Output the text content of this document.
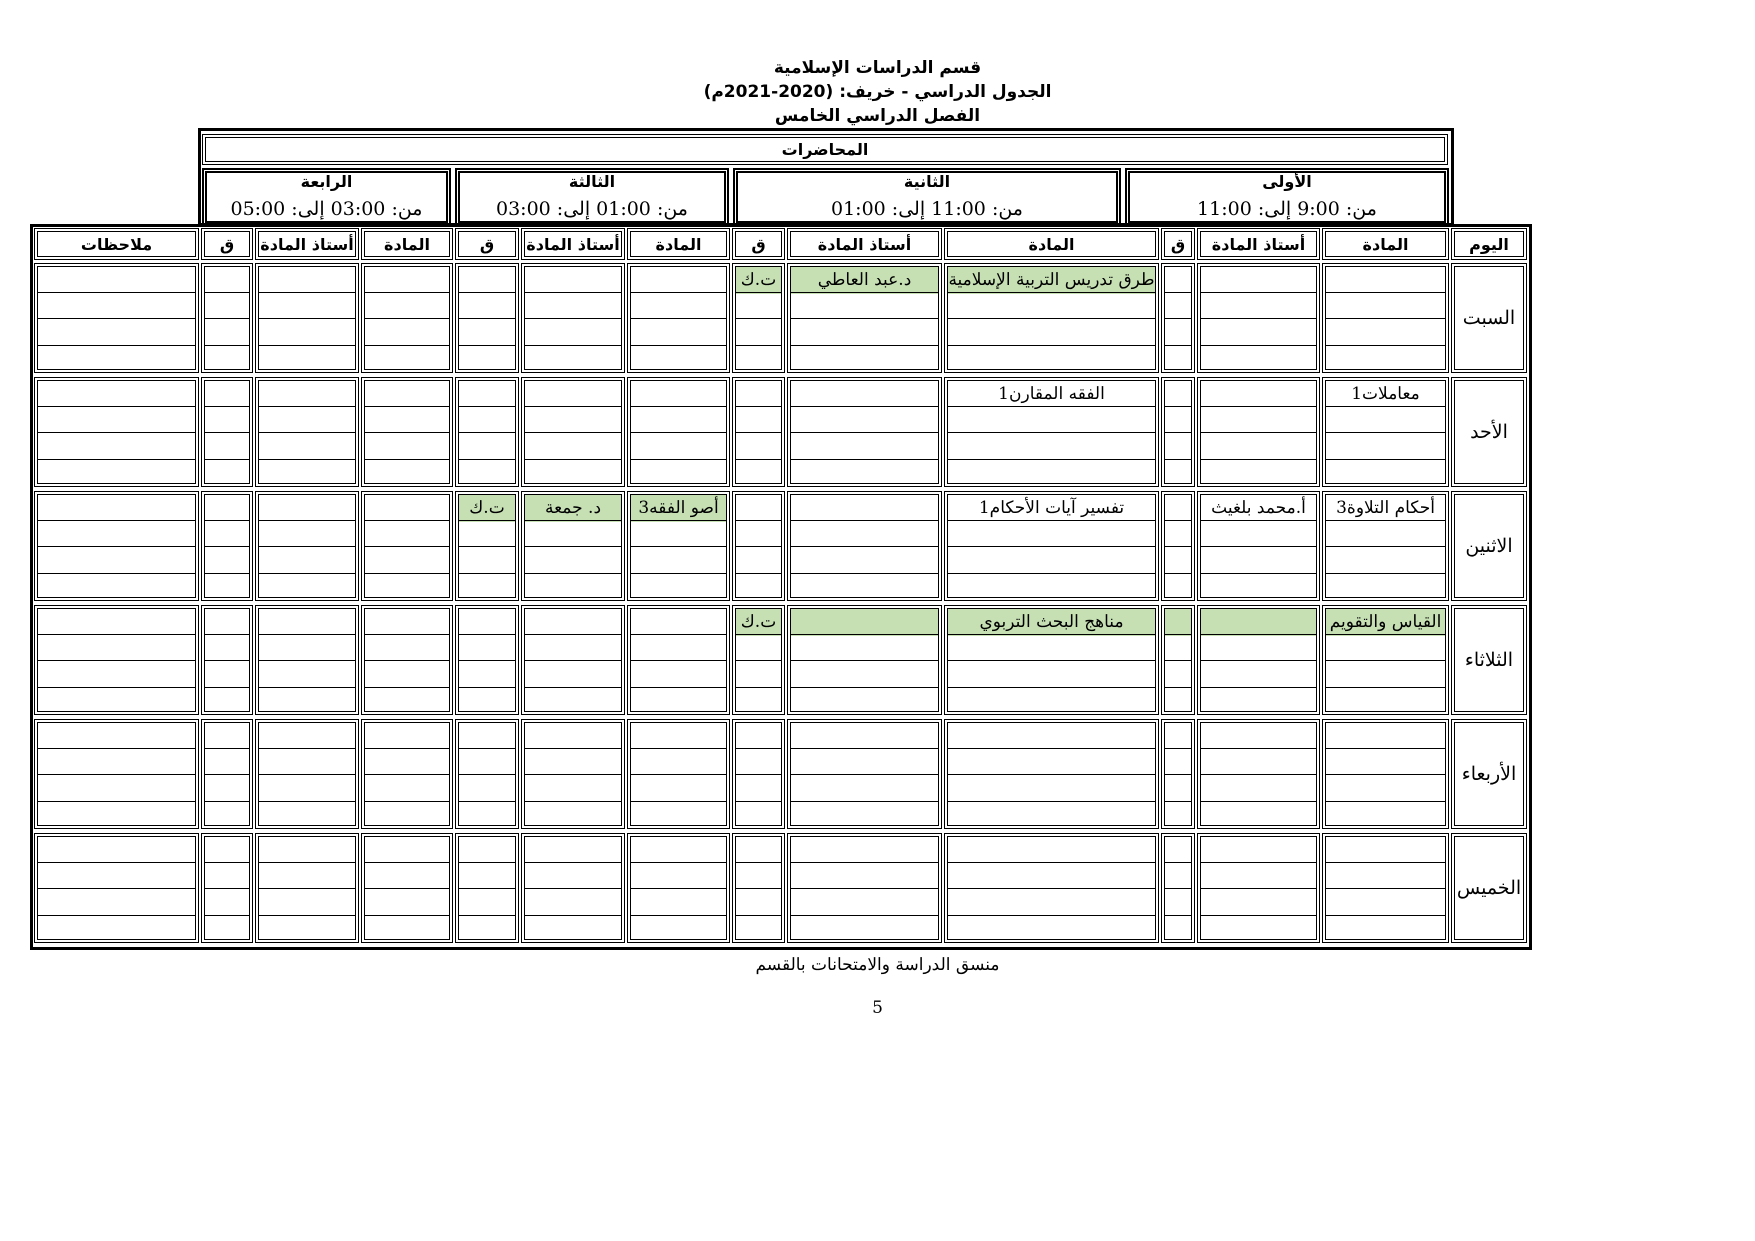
قسم الدراسات الإسلامية
الجدول الدراسي - خريف: (2020-2021م)
الفصل الدراسي الخامس
المحاضرات
الأولى
من: 9:00 إلى: 11:00
الثانية
من: 11:00 إلى: 01:00
الثالثة
من: 01:00 إلى: 03:00
الرابعة
من: 03:00 إلى: 05:00
اليوم
المادة
أستاذ المادة
ق
المادة
أستاذ المادة
ق
المادة
أستاذ المادة
ق
المادة
أستاذ المادة
ق
ملاحظات
السبت
طرق تدريس التربية الإسلامية
د.عبد العاطي
ت.ك
الأحد
معاملات1
الفقه المقارن1
الاثنين
أحكام التلاوة3
أ.محمد بلغيث
تفسير آيات الأحكام1
أصو الفقه3
د. جمعة
ت.ك
الثلاثاء
القياس والتقويم
مناهج البحث التربوي
ت.ك
الأربعاء
الخميس
منسق الدراسة والامتحانات بالقسم
5
